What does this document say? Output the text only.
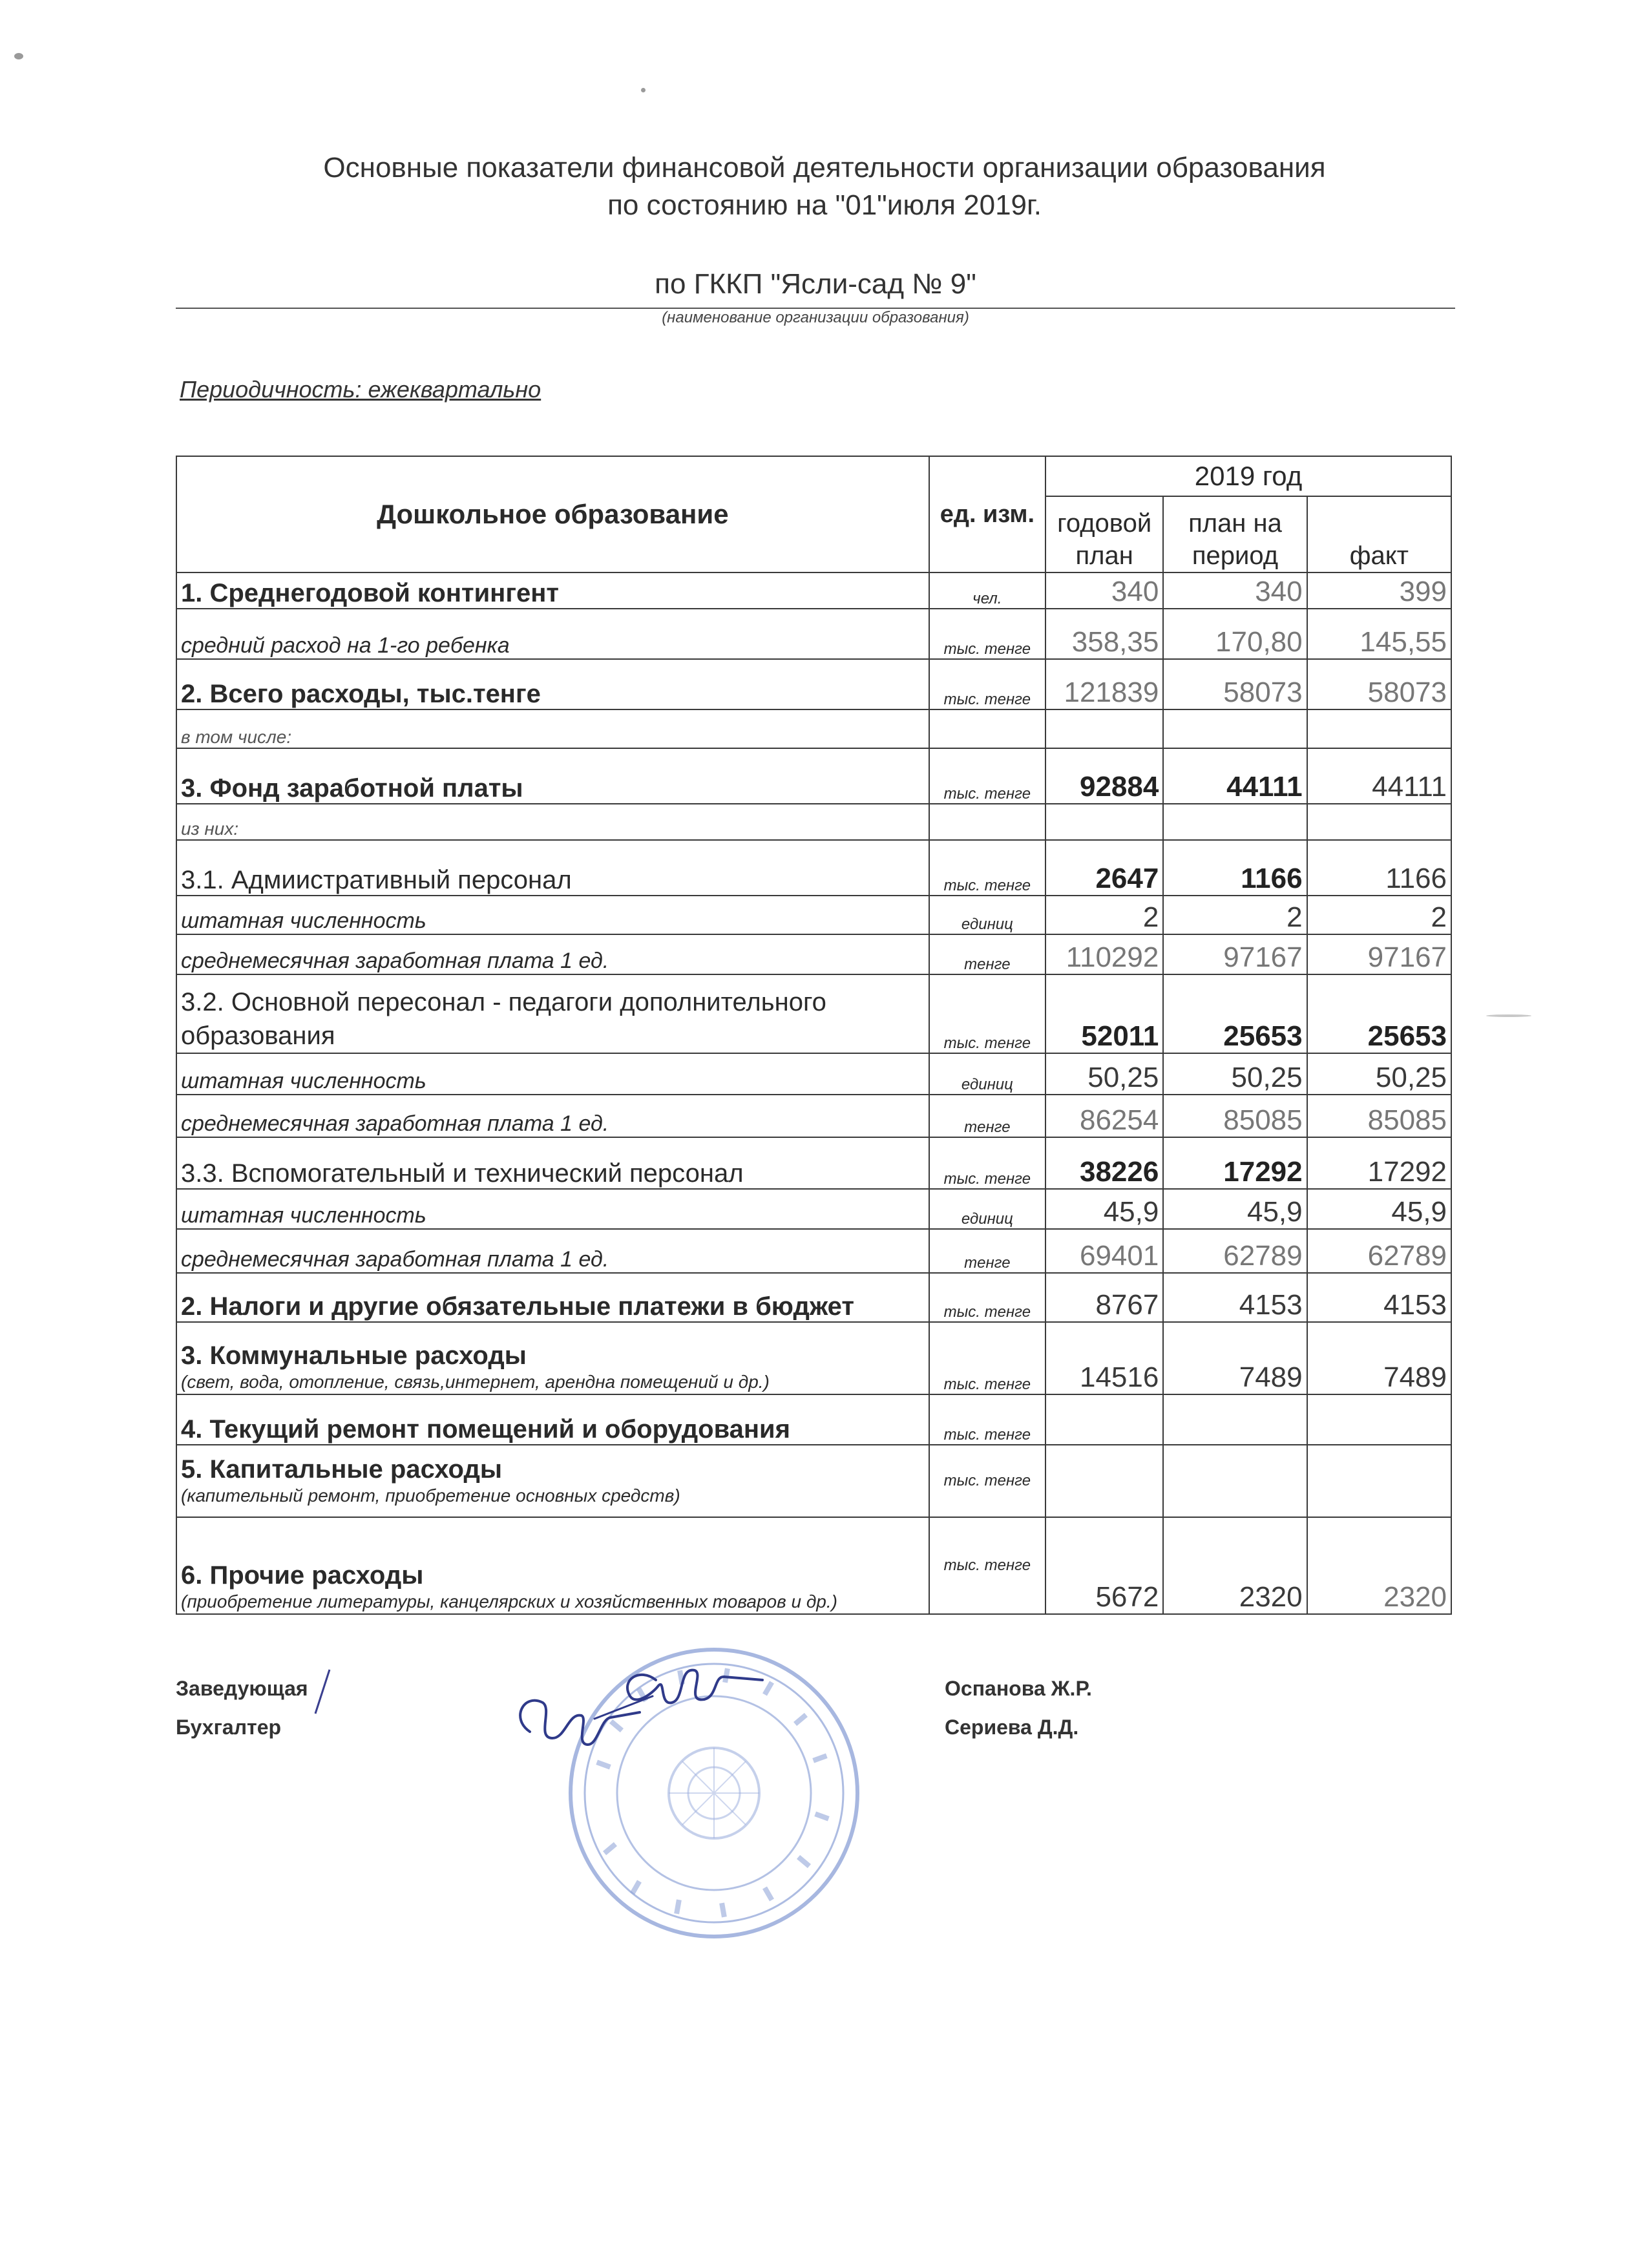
Основные показатели финансовой деятельности организации образования
по состоянию на "01"июля 2019г.
по ГККП "Ясли-сад № 9"
(наименование организации образования)
Периодичность: ежеквартально
Дошкольное образование	ед. изм.	2019 год		
		годовой план	план на период	факт
1. Среднегодовой контингент	чел.	340	340	399
средний расход на 1-го ребенка	тыс. тенге	358,35	170,80	145,55
2. Всего расходы, тыс.тенге	тыс. тенге	121839	58073	58073
в том числе:				
3. Фонд заработной платы	тыс. тенге	92884	44111	44111
из них:				
3.1. Адмиистративный персонал	тыс. тенге	2647	1166	1166
штатная численность	единиц	2	2	2
среднемесячная заработная плата 1 ед.	тенге	110292	97167	97167
3.2. Основной пересонал - педагоги дополнительного образования	тыс. тенге	52011	25653	25653
штатная численность	единиц	50,25	50,25	50,25
среднемесячная заработная плата 1 ед.	тенге	86254	85085	85085
3.3. Вспомогательный и технический персонал	тыс. тенге	38226	17292	17292
штатная численность	единиц	45,9	45,9	45,9
среднемесячная заработная плата 1 ед.	тенге	69401	62789	62789
2. Налоги и другие обязательные платежи в бюджет	тыс. тенге	8767	4153	4153
3. Коммунальные расходы
(свет, вода, отопление, связь,интернет, арендна помещений и др.)	тыс. тенге	14516	7489	7489
4. Текущий ремонт помещений и оборудования	тыс. тенге			
5. Капитальные расходы
(капительный ремонт, приобретение основных средств)	тыс. тенге			
6. Прочие расходы
(приобретение литературы, канцелярских и хозяйственных товаров и др.)	тыс. тенге	5672	2320	2320
Заведующая
Бухгалтер
Оспанова Ж.Р.
Сериева Д.Д.
